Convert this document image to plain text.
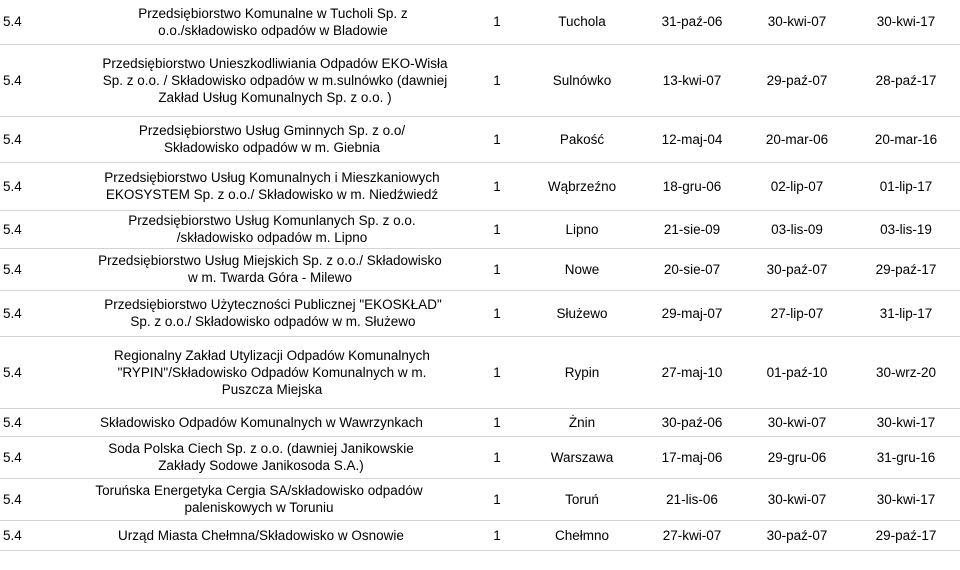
5.4	Przedsiębiorstwo Komunalne w Tucholi Sp. z o.o./składowisko odpadów w Bladowie	1	Tuchola	31-paź-06	30-kwi-07	30-kwi-17
5.4	Przedsiębiorstwo Unieszkodliwiania Odpadów EKO-Wisła Sp. z o.o. / Składowisko odpadów w m.sulnówko (dawniej Zakład Usług Komunalnych Sp. z o.o. )	1	Sulnówko	13-kwi-07	29-paź-07	28-paź-17
5.4	Przedsiębiorstwo Usług Gminnych Sp. z o.o/ Składowisko odpadów w m. Giebnia	1	Pakość	12-maj-04	20-mar-06	20-mar-16
5.4	Przedsiębiorstwo Usług Komunalnych i Mieszkaniowych EKOSYSTEM Sp. z o.o./ Składowisko w m. Niedźwiedź	1	Wąbrzeźno	18-gru-06	02-lip-07	01-lip-17
5.4	Przedsiębiorstwo Usług Komunlanych Sp. z o.o. /składowisko odpadów m. Lipno	1	Lipno	21-sie-09	03-lis-09	03-lis-19
5.4	Przedsiębiorstwo Usług Miejskich Sp. z o.o./ Składowisko w m. Twarda Góra - Milewo	1	Nowe	20-sie-07	30-paź-07	29-paź-17
5.4	Przedsiębiorstwo Użyteczności Publicznej "EKOSKŁAD" Sp. z o.o./ Składowisko odpadów w m. Służewo	1	Służewo	29-maj-07	27-lip-07	31-lip-17
5.4	Regionalny Zakład Utylizacji Odpadów Komunalnych "RYPIN"/Składowisko Odpadów Komunalnych w m. Puszcza Miejska	1	Rypin	27-maj-10	01-paź-10	30-wrz-20
5.4	Składowisko Odpadów Komunalnych w Wawrzynkach	1	Żnin	30-paź-06	30-kwi-07	30-kwi-17
5.4	Soda Polska Ciech Sp. z o.o. (dawniej Janikowskie Zakłady Sodowe Janikosoda S.A.)	1	Warszawa	17-maj-06	29-gru-06	31-gru-16
5.4	Toruńska Energetyka Cergia SA/składowisko odpadów paleniskowych w Toruniu	1	Toruń	21-lis-06	30-kwi-07	30-kwi-17
5.4	Urząd Miasta Chełmna/Składowisko w Osnowie	1	Chełmno	27-kwi-07	30-paź-07	29-paź-17
